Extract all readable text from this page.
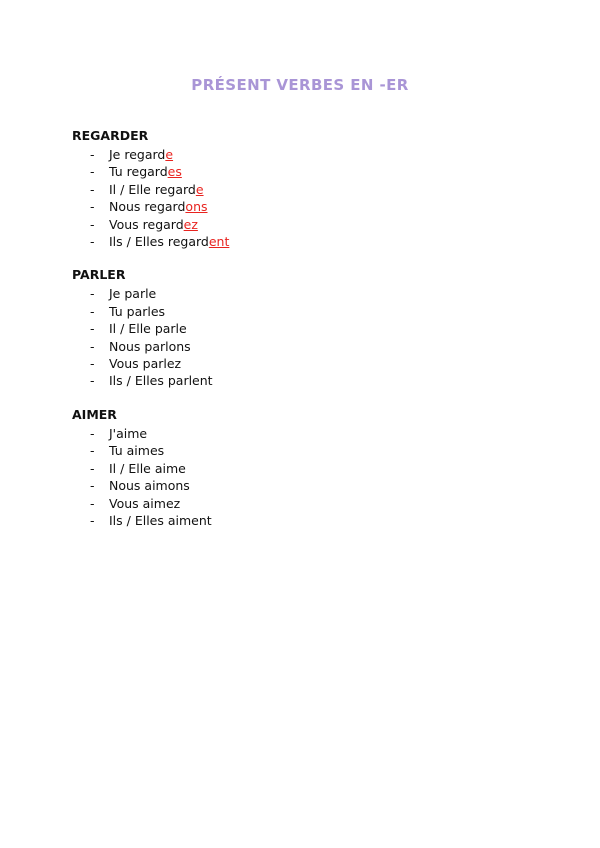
PRÉSENT VERBES EN -ER
REGARDER
- Je regarde
- Tu regardes
- Il / Elle regarde
- Nous regardons
- Vous regardez
- Ils / Elles regardent
PARLER
- Je parle
- Tu parles
- Il / Elle parle
- Nous parlons
- Vous parlez
- Ils / Elles parlent
AIMER
- J'aime
- Tu aimes
- Il / Elle aime
- Nous aimons
- Vous aimez
- Ils / Elles aiment
